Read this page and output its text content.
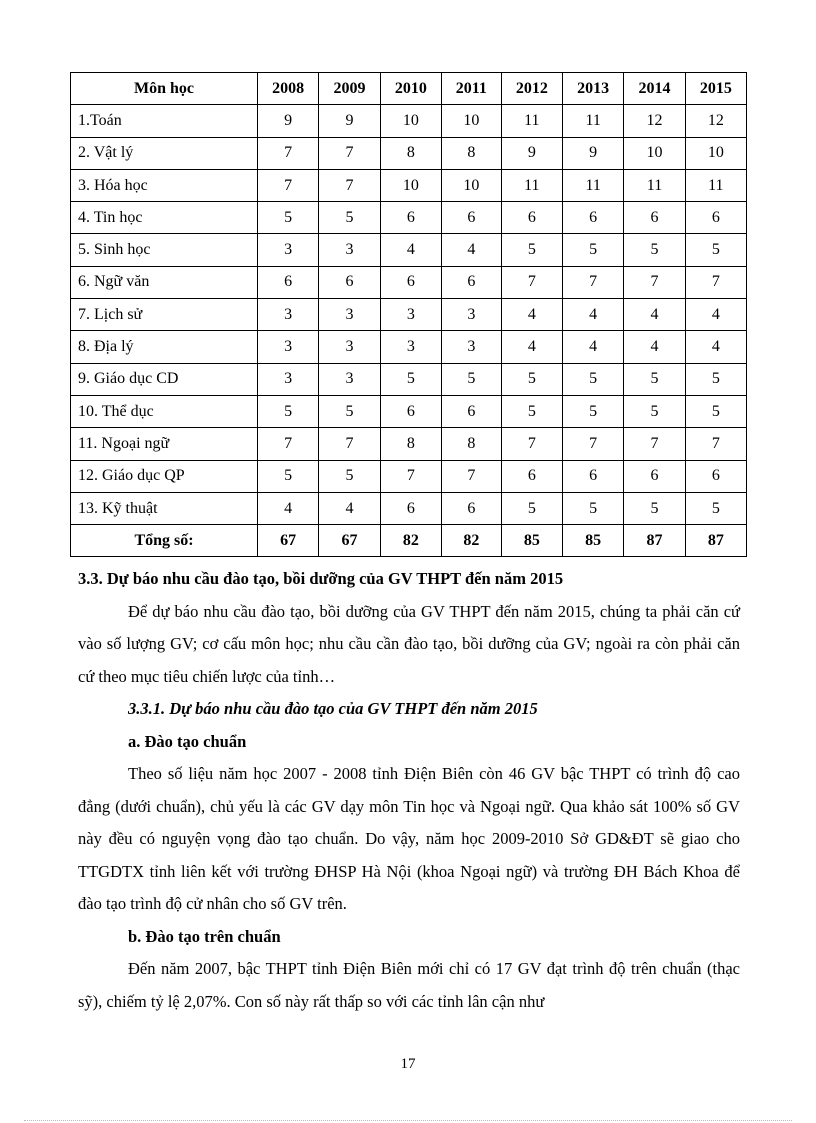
Môn học	2008	2009	2010	2011	2012	2013	2014	2015
1.Toán	9	9	10	10	11	11	12	12
2. Vật lý	7	7	8	8	9	9	10	10
3. Hóa học	7	7	10	10	11	11	11	11
4. Tin học	5	5	6	6	6	6	6	6
5. Sinh học	3	3	4	4	5	5	5	5
6. Ngữ văn	6	6	6	6	7	7	7	7
7. Lịch sử	3	3	3	3	4	4	4	4
8. Địa lý	3	3	3	3	4	4	4	4
9. Giáo dục CD	3	3	5	5	5	5	5	5
10. Thể dục	5	5	6	6	5	5	5	5
11. Ngoại ngữ	7	7	8	8	7	7	7	7
12. Giáo dục QP	5	5	7	7	6	6	6	6
13. Kỹ thuật	4	4	6	6	5	5	5	5
Tổng số:	67	67	82	82	85	85	87	87

3.3. Dự báo nhu cầu đào tạo, bồi dưỡng của GV THPT đến năm 2015

Để dự báo nhu cầu đào tạo, bồi dưỡng của GV THPT đến năm 2015, chúng ta phải căn cứ vào số lượng GV; cơ cấu môn học; nhu cầu cần đào tạo, bồi dưỡng của GV; ngoài ra còn phải căn cứ theo mục tiêu chiến lược của tỉnh…

3.3.1. Dự báo nhu cầu đào tạo của GV THPT đến năm 2015

a. Đào tạo chuẩn

Theo số liệu năm học 2007 - 2008 tỉnh Điện Biên còn 46 GV bậc THPT có trình độ cao đẳng (dưới chuẩn), chủ yếu là các GV dạy môn Tin học và Ngoại ngữ. Qua khảo sát 100% số GV này đều có nguyện vọng đào tạo chuẩn. Do vậy, năm học 2009-2010 Sở GD&ĐT sẽ giao cho TTGDTX tỉnh liên kết với trường ĐHSP Hà Nội (khoa Ngoại ngữ) và trường ĐH Bách Khoa để đào tạo trình độ cử nhân cho số GV trên.

b. Đào tạo trên chuẩn

Đến năm 2007, bậc THPT tỉnh Điện Biên mới chỉ có 17 GV đạt trình độ trên chuẩn (thạc sỹ), chiếm tỷ lệ 2,07%. Con số này rất thấp so với các tỉnh lân cận như

17
